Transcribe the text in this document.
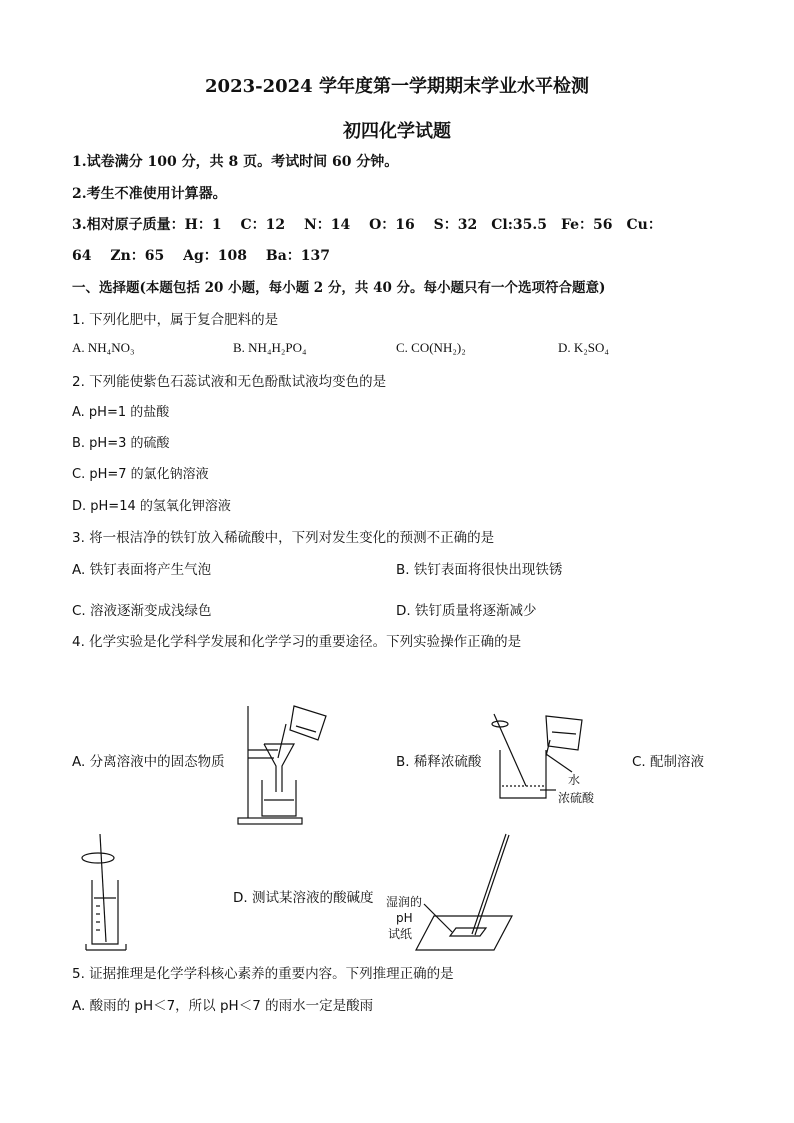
2023-2024 学年度第一学期期末学业水平检测
初四化学试题
1.试卷满分 100 分，共 8 页。考试时间 60 分钟。
2.考生不准使用计算器。
3.相对原子质量：H：1　 C：12　 N：14　 O：16　 S：32　Cl:35.5　Fe：56　Cu：
64　 Zn：65　 Ag：108　 Ba：137
一、选择题(本题包括 20 小题，每小题 2 分，共 40 分。每小题只有一个选项符合题意)
1. 下列化肥中，属于复合肥料的是
A. NH₄NO₃	B. NH₄H₂PO₄	C. CO(NH₂)₂	D. K₂SO₄
2. 下列能使紫色石蕊试液和无色酚酞试液均变色的是
A. pH=1 的盐酸
B. pH=3 的硫酸
C. pH=7 的氯化钠溶液
D. pH=14 的氢氧化钾溶液
3. 将一根洁净的铁钉放入稀硫酸中，下列对发生变化的预测不正确的是
A. 铁钉表面将产生气泡	B. 铁钉表面将很快出现铁锈
C. 溶液逐渐变成浅绿色	D. 铁钉质量将逐渐减少
4. 化学实验是化学科学发展和化学学习的重要途径。下列实验操作正确的是
A. 分离溶液中的固态物质	B. 稀释浓硫酸	C. 配制溶液
D. 测试某溶液的酸碱度
水
浓硫酸
湿润的
pH
试纸
5. 证据推理是化学学科核心素养的重要内容。下列推理正确的是
A. 酸雨的 pH＜7，所以 pH＜7 的雨水一定是酸雨
